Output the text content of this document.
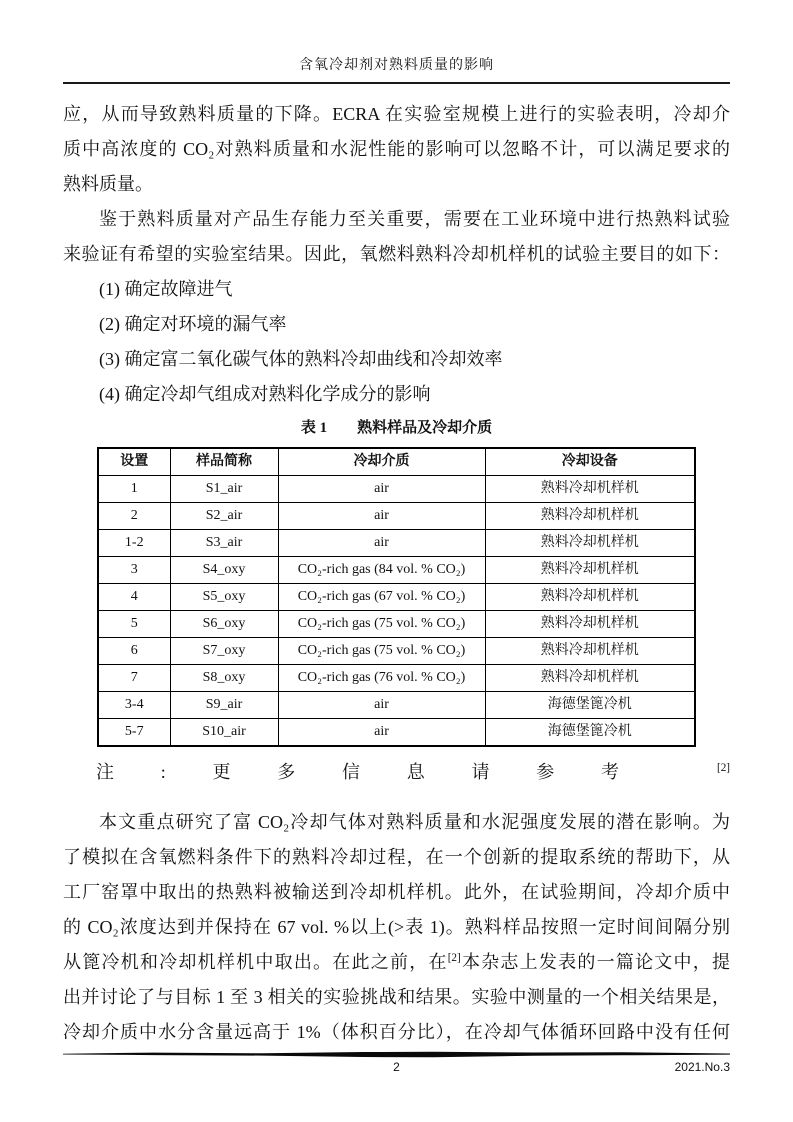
含氧冷却剂对熟料质量的影响
应，从而导致熟料质量的下降。ECRA 在实验室规模上进行的实验表明，冷却介
质中高浓度的 CO₂对熟料质量和水泥性能的影响可以忽略不计，可以满足要求的
熟料质量。
鉴于熟料质量对产品生存能力至关重要，需要在工业环境中进行热熟料试验
来验证有希望的实验室结果。因此，氧燃料熟料冷却机样机的试验主要目的如下：
(1) 确定故障进气
(2) 确定对环境的漏气率
(3) 确定富二氧化碳气体的熟料冷却曲线和冷却效率
(4) 确定冷却气组成对熟料化学成分的影响
表 1 熟料样品及冷却介质
设置	样品简称	冷却介质	冷却设备
1	S1_air	air	熟料冷却机样机
2	S2_air	air	熟料冷却机样机
1-2	S3_air	air	熟料冷却机样机
3	S4_oxy	CO₂-rich gas (84 vol. % CO₂)	熟料冷却机样机
4	S5_oxy	CO₂-rich gas (67 vol. % CO₂)	熟料冷却机样机
5	S6_oxy	CO₂-rich gas (75 vol. % CO₂)	熟料冷却机样机
6	S7_oxy	CO₂-rich gas (75 vol. % CO₂)	熟料冷却机样机
7	S8_oxy	CO₂-rich gas (76 vol. % CO₂)	熟料冷却机样机
3-4	S9_air	air	海德堡篦冷机
5-7	S10_air	air	海德堡篦冷机
注:更多信息请参考 [2]
本文重点研究了富 CO₂冷却气体对熟料质量和水泥强度发展的潜在影响。为
了模拟在含氧燃料条件下的熟料冷却过程，在一个创新的提取系统的帮助下，从
工厂窑罩中取出的热熟料被输送到冷却机样机。此外，在试验期间，冷却介质中
的 CO₂浓度达到并保持在 67 vol. %以上(>表 1)。熟料样品按照一定时间间隔分别
从篦冷机和冷却机样机中取出。在此之前，在[2]本杂志上发表的一篇论文中，提
出并讨论了与目标 1 至 3 相关的实验挑战和结果。实验中测量的一个相关结果是，
冷却介质中水分含量远高于 1%（体积百分比），在冷却气体循环回路中没有任何
2	2021.No.3
